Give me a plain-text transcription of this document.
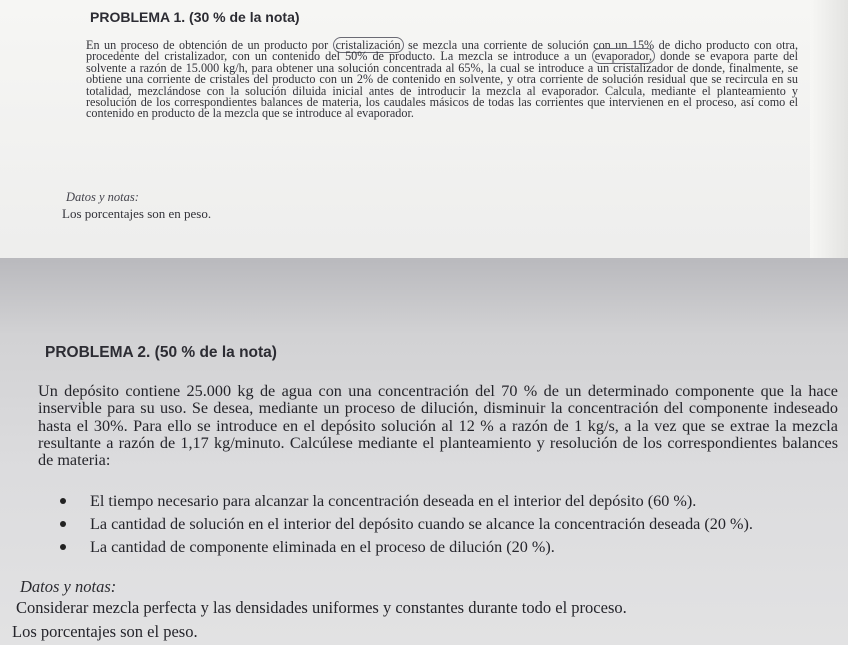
PROBLEMA 1. (30 % de la nota)

En un proceso de obtención de un producto por cristalización se mezcla una corriente de solución con un 15% de dicho producto con otra, procedente del cristalizador, con un contenido del 50% de producto. La mezcla se introduce a un evaporador, donde se evapora parte del solvente a razón de 15.000 kg/h, para obtener una solución concentrada al 65%, la cual se introduce a un cristalizador de donde, finalmente, se obtiene una corriente de cristales del producto con un 2% de contenido en solvente, y otra corriente de solución residual que se recircula en su totalidad, mezclándose con la solución diluida inicial antes de introducir la mezcla al evaporador. Calcula, mediante el planteamiento y resolución de los correspondientes balances de materia, los caudales másicos de todas las corrientes que intervienen en el proceso, así como el contenido en producto de la mezcla que se introduce al evaporador.

Datos y notas:
Los porcentajes son en peso.
PROBLEMA 2. (50 % de la nota)

Un depósito contiene 25.000 kg de agua con una concentración del 70 % de un determinado componente que la hace inservible para su uso. Se desea, mediante un proceso de dilución, disminuir la concentración del componente indeseado hasta el 30%. Para ello se introduce en el depósito solución al 12 % a razón de 1 kg/s, a la vez que se extrae la mezcla resultante a razón de 1,17 kg/minuto. Calcúlese mediante el planteamiento y resolución de los correspondientes balances de materia:

El tiempo necesario para alcanzar la concentración deseada en el interior del depósito (60 %).
La cantidad de solución en el interior del depósito cuando se alcance la concentración deseada (20 %).
La cantidad de componente eliminada en el proceso de dilución (20 %).
Datos y notas:
Considerar mezcla perfecta y las densidades uniformes y constantes durante todo el proceso.
Los porcentajes son el peso.
